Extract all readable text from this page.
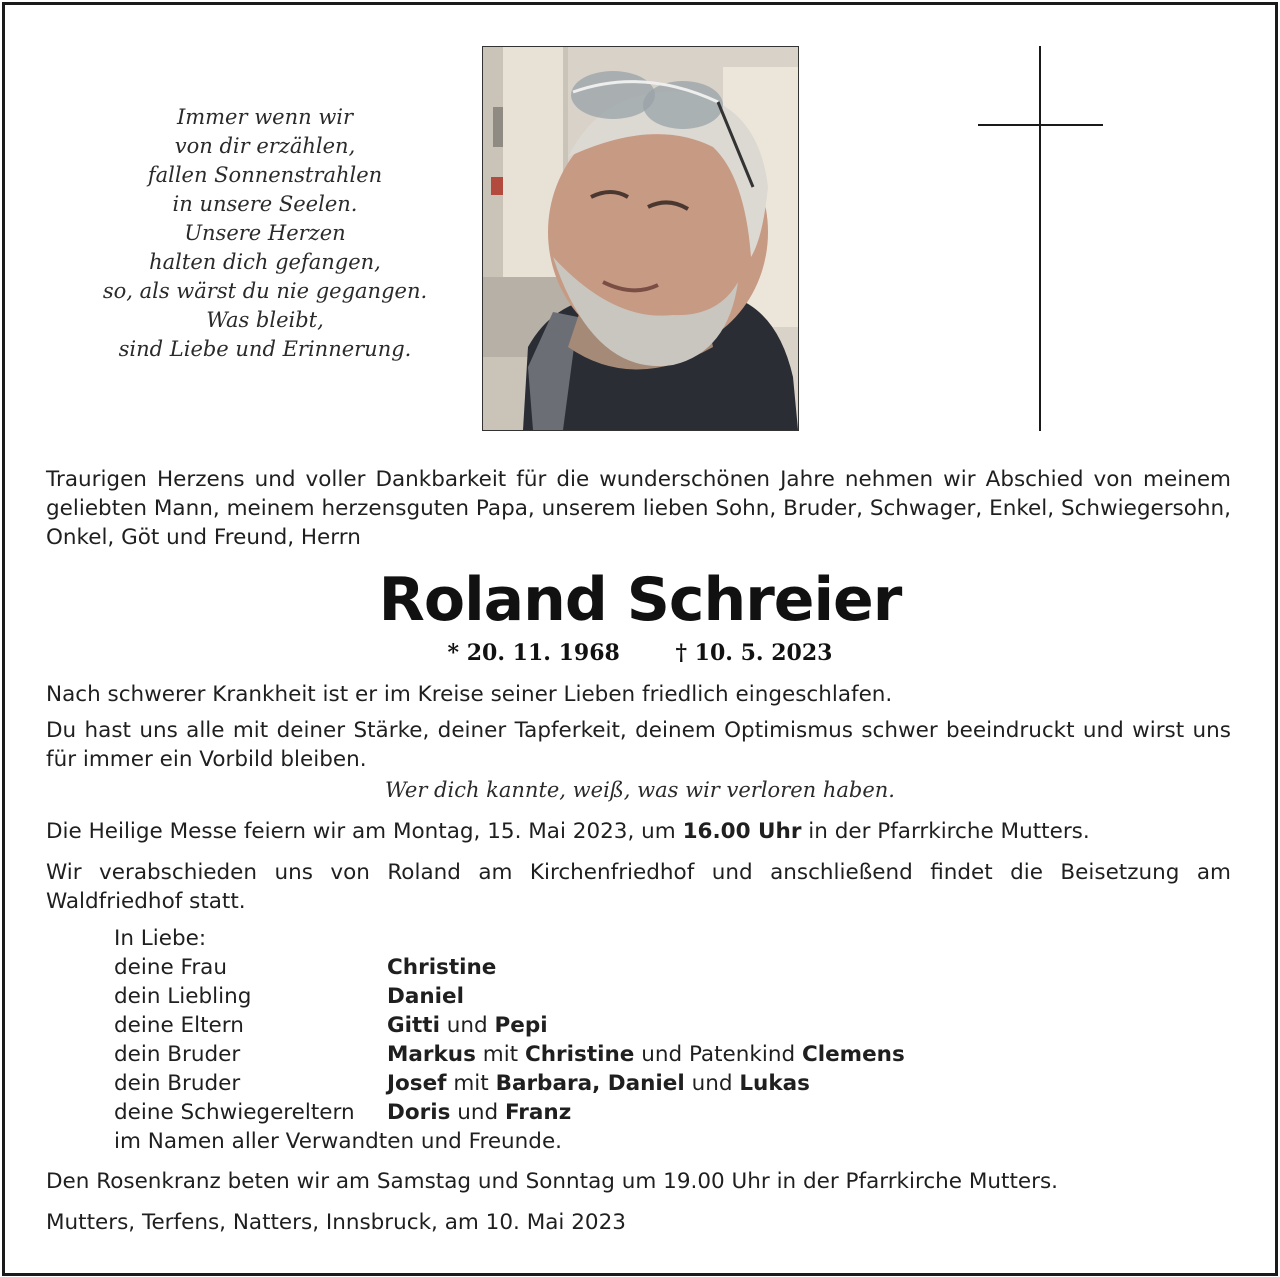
Immer wenn wir
von dir erzählen,
fallen Sonnenstrahlen
in unsere Seelen.
Unsere Herzen
halten dich gefangen,
so, als wärst du nie gegangen.
Was bleibt,
sind Liebe und Erinnerung.
Traurigen Herzens und voller Dankbarkeit für die wunderschönen Jahre nehmen wir Abschied von meinem geliebten Mann, meinem herzensguten Papa, unserem lieben Sohn, Bruder, Schwager, Enkel, Schwiegersohn, Onkel, Göt und Freund, Herrn
Roland Schreier
* 20. 11. 1968	† 10. 5. 2023
Nach schwerer Krankheit ist er im Kreise seiner Lieben friedlich eingeschlafen.
Du hast uns alle mit deiner Stärke, deiner Tapferkeit, deinem Optimismus schwer beeindruckt und wirst uns für immer ein Vorbild bleiben.
Wer dich kannte, weiß, was wir verloren haben.
Die Heilige Messe feiern wir am Montag, 15. Mai 2023, um 16.00 Uhr in der Pfarrkirche Mutters.
Wir verabschieden uns von Roland am Kirchenfriedhof und anschließend findet die Beisetzung am Waldfriedhof statt.
In Liebe:
deine Frau	Christine
dein Liebling	Daniel
deine Eltern	Gitti und Pepi
dein Bruder	Markus mit Christine und Patenkind Clemens
dein Bruder	Josef mit Barbara, Daniel und Lukas
deine Schwiegereltern	Doris und Franz
im Namen aller Verwandten und Freunde.
Den Rosenkranz beten wir am Samstag und Sonntag um 19.00 Uhr in der Pfarrkirche Mutters.
Mutters, Terfens, Natters, Innsbruck, am 10. Mai 2023
